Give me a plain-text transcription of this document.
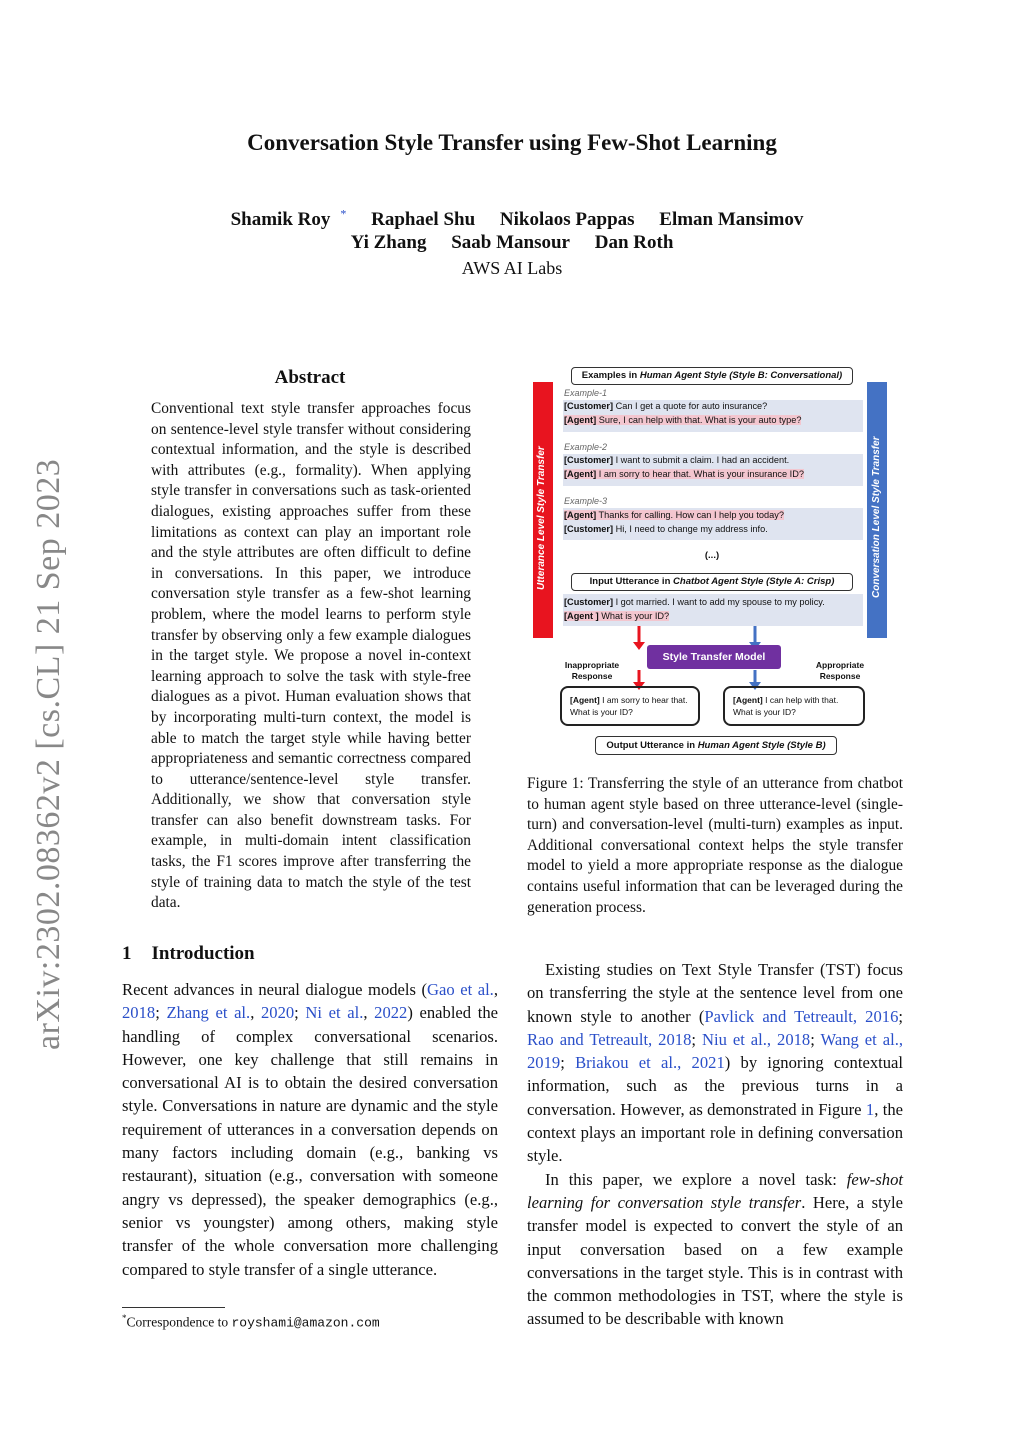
Conversation Style Transfer using Few-Shot Learning
Shamik Roy * Raphael Shu Nikolaos Pappas Elman Mansimov
Yi Zhang Saab Mansour Dan Roth
AWS AI Labs
arXiv:2302.08362v2 [cs.CL] 21 Sep 2023
Abstract
Conventional text style transfer approaches focus on sentence-level style transfer without considering contextual information, and the style is described with attributes (e.g., formality). When applying style transfer in conversations such as task-oriented dialogues, existing approaches suffer from these limitations as context can play an important role and the style attributes are often difficult to define in conversations. In this paper, we introduce conversation style transfer as a few-shot learning problem, where the model learns to perform style transfer by observing only a few example dialogues in the target style. We propose a novel in-context learning approach to solve the task with style-free dialogues as a pivot. Human evaluation shows that by incorporating multi-turn context, the model is able to match the target style while having better appropriateness and semantic correctness compared to utterance/sentence-level style transfer. Additionally, we show that conversation style transfer can also benefit downstream tasks. For example, in multi-domain intent classification tasks, the F1 scores improve after transferring the style of training data to match the style of the test data.
1 Introduction
Recent advances in neural dialogue models (Gao et al., 2018; Zhang et al., 2020; Ni et al., 2022) enabled the handling of complex conversational scenarios. However, one key challenge that still remains in conversational AI is to obtain the desired conversation style. Conversations in nature are dynamic and the style requirement of utterances in a conversation depends on many factors including domain (e.g., banking vs restaurant), situation (e.g., conversation with someone angry vs depressed), the speaker demographics (e.g., senior vs youngster) among others, making style transfer of the whole conversation more challenging compared to style transfer of a single utterance.
*Correspondence to royshami@amazon.com
Utterance Level Style Transfer	Conversation Level Style Transfer
Examples in Human Agent Style (Style B: Conversational)
Example-1
[Customer] Can I get a quote for auto insurance?
[Agent] Sure, I can help with that. What is your auto type?
Example-2
[Customer] I want to submit a claim. I had an accident.
[Agent] I am sorry to hear that. What is your insurance ID?
Example-3
[Agent] Thanks for calling. How can I help you today?
[Customer] Hi, I need to change my address info.
(...)
Input Utterance in Chatbot Agent Style (Style A: Crisp)
[Customer] I got married. I want to add my spouse to my policy.
[Agent ] What is your ID?
Style Transfer Model
Inappropriate Response
Appropriate Response
[Agent] I am sorry to hear that. What is your ID?
[Agent] I can help with that. What is your ID?
Output Utterance in Human Agent Style (Style B)
Figure 1: Transferring the style of an utterance from chatbot to human agent style based on three utterance-level (single-turn) and conversation-level (multi-turn) examples as input. Additional conversational context helps the style transfer model to yield a more appropriate response as the dialogue contains useful information that can be leveraged during the generation process.

Existing studies on Text Style Transfer (TST) focus on transferring the style at the sentence level from one known style to another (Pavlick and Tetreault, 2016; Rao and Tetreault, 2018; Niu et al., 2018; Wang et al., 2019; Briakou et al., 2021) by ignoring contextual information, such as the previous turns in a conversation. However, as demonstrated in Figure 1, the context plays an important role in defining conversation style.

In this paper, we explore a novel task: few-shot learning for conversation style transfer. Here, a style transfer model is expected to convert the style of an input conversation based on a few example conversations in the target style. This is in contrast with the common methodologies in TST, where the style is assumed to be describable with known
